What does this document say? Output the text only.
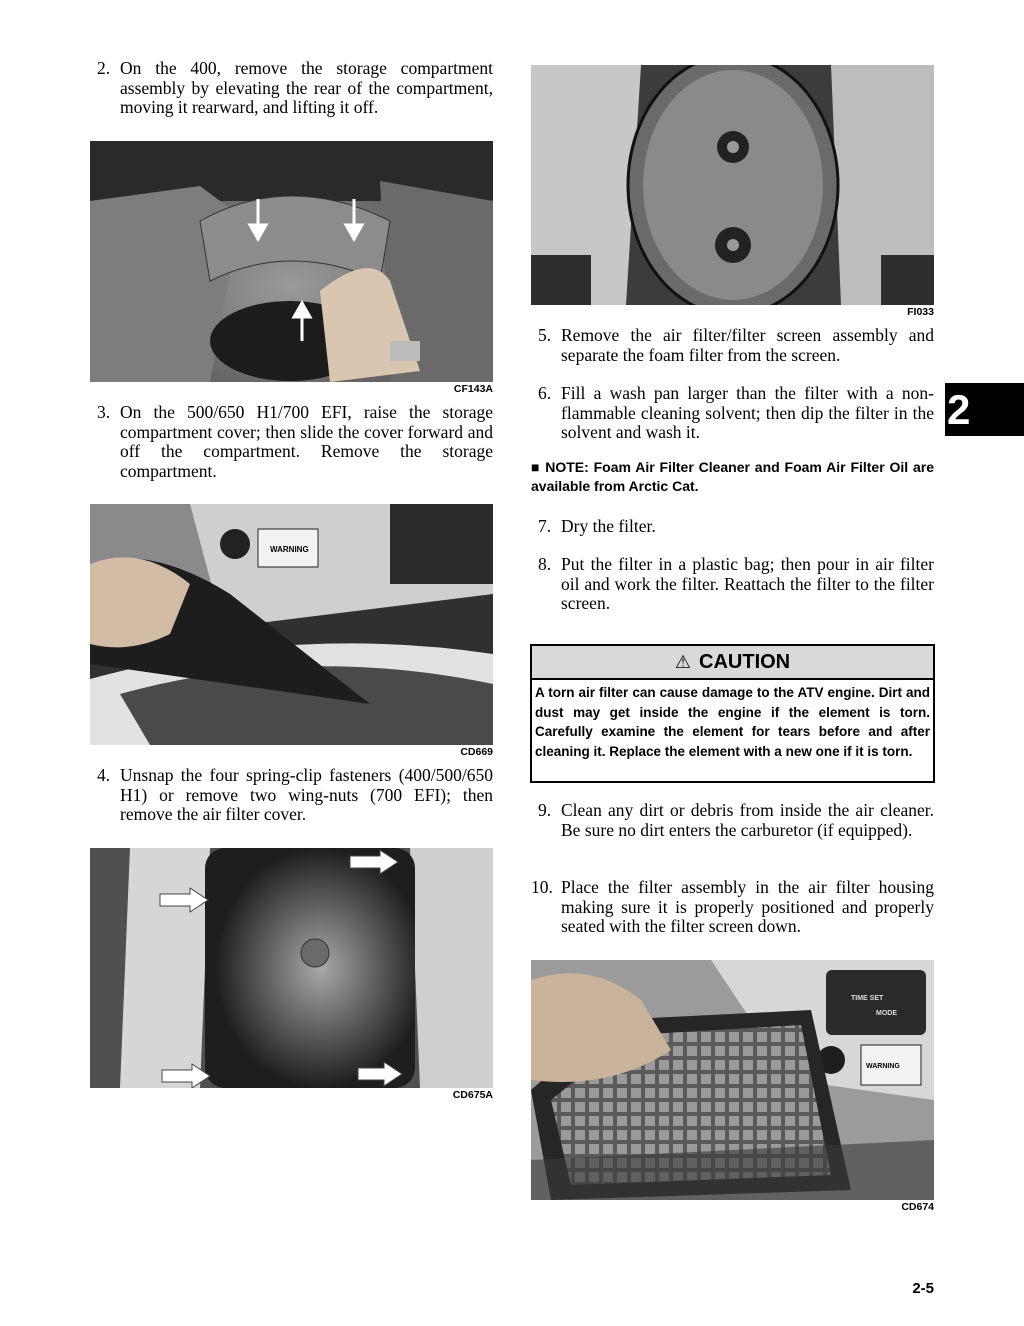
2. On the 400, remove the storage compartment assembly by elevating the rear of the compartment, moving it rearward, and lifting it off.
CF143A
3. On the 500/650 H1/700 EFI, raise the storage compartment cover; then slide the cover forward and off the compartment. Remove the storage compartment.
WARNING
CD669
4. Unsnap the four spring-clip fasteners (400/500/650 H1) or remove two wing-nuts (700 EFI); then remove the air filter cover.
CD675A
FI033
5. Remove the air filter/filter screen assembly and separate the foam filter from the screen.
6. Fill a wash pan larger than the filter with a non-flammable cleaning solvent; then dip the filter in the solvent and wash it.
■ NOTE: Foam Air Filter Cleaner and Foam Air Filter Oil are available from Arctic Cat.
7. Dry the filter.
8. Put the filter in a plastic bag; then pour in air filter oil and work the filter. Reattach the filter to the filter screen.
⚠ CAUTION
A torn air filter can cause damage to the ATV engine. Dirt and dust may get inside the engine if the element is torn. Carefully examine the element for tears before and after cleaning it. Replace the element with a new one if it is torn.
9. Clean any dirt or debris from inside the air cleaner. Be sure no dirt enters the carburetor (if equipped).
10. Place the filter assembly in the air filter housing making sure it is properly positioned and properly seated with the filter screen down.
TIME SET
MODE
WARNING
CD674
2
2-5
